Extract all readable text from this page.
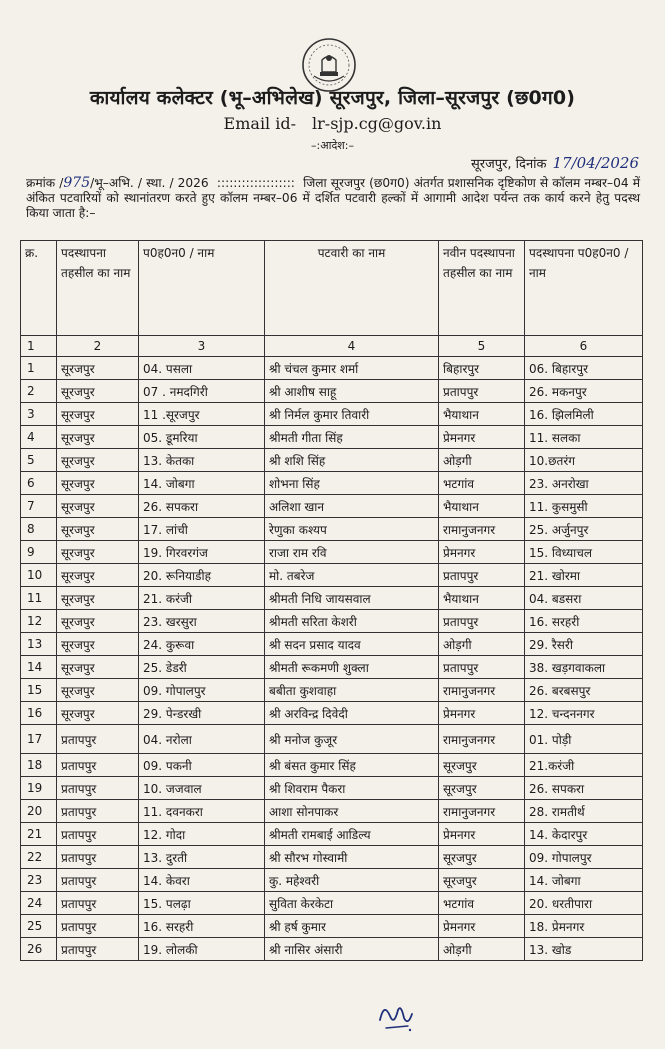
कार्यालय कलेक्टर (भू–अभिलेख) सूरजपुर, जिला–सूरजपुर (छ0ग0)
Email id- lr-sjp.cg@gov.in
–:आदेश:–
सूरजपुर, दिनांक 17/04/2026
क्रमांक /975/भू–अभि. / स्था. / 2026  :::::::::::::::::::  जिला सूरजपुर (छ0ग0) अंतर्गत प्रशासनिक दृष्टिकोण से कॉलम नम्बर–04 में अंकित पटवारियों को स्थानांतरण करते हुए कॉलम नम्बर–06 में दर्शित पटवारी हल्कों में आगामी आदेश पर्यन्त तक कार्य करने हेतु पदस्थ किया जाता है:–
क्र.	पदस्थापना तहसील का नाम	प0ह0न0 / नाम	पटवारी का नाम	नवीन पदस्थापना तहसील का नाम	पदस्थापना प0ह0न0 / नाम
1	2	3	4	5	6
1	सूरजपुर	04. पसला	श्री चंचल कुमार शर्मा	बिहारपुर	06. बिहारपुर
2	सूरजपुर	07 . नमदगिरी	श्री आशीष साहू	प्रतापपुर	26. मकनपुर
3	सूरजपुर	11 .सूरजपुर	श्री निर्मल कुमार तिवारी	भैयाथान	16. झिलमिली
4	सूरजपुर	05. डूमरिया	श्रीमती गीता सिंह	प्रेमनगर	11. सलका
5	सूरजपुर	13. केतका	श्री शशि सिंह	ओड़गी	10.छतरंग
6	सूरजपुर	14. जोबगा	शोभना सिंह	भटगांव	23. अनरोखा
7	सूरजपुर	26. सपकरा	अलिशा खान	भैयाथान	11. कुसमुसी
8	सूरजपुर	17. लांची	रेणुका कश्यप	रामानुजनगर	25. अर्जुनपुर
9	सूरजपुर	19. गिरवरगंज	राजा राम रवि	प्रेमनगर	15. विध्याचल
10	सूरजपुर	20. रूनियाडीह	मो. तबरेज	प्रतापपुर	21. खोरमा
11	सूरजपुर	21. करंजी	श्रीमती निधि जायसवाल	भैयाथान	04. बडसरा
12	सूरजपुर	23. खरसुरा	श्रीमती सरिता केशरी	प्रतापपुर	16. सरहरी
13	सूरजपुर	24. कुरूवा	श्री सदन प्रसाद यादव	ओड़गी	29. रैसरी
14	सूरजपुर	25. डेडरी	श्रीमती रूकमणी शुक्ला	प्रतापपुर	38. खड़गवाकला
15	सूरजपुर	09. गोपालपुर	बबीता कुशवाहा	रामानुजनगर	26. बरबसपुर
16	सूरजपुर	29. पेन्डरखी	श्री अरविन्द्र दिवेदी	प्रेमनगर	12. चन्दननगर
17	प्रतापपुर	04. नरोला	श्री मनोज कुजूर	रामानुजनगर	01. पोड़ी
18	प्रतापपुर	09. पकनी	श्री बंसत कुमार सिंह	सूरजपुर	21.करंजी
19	प्रतापपुर	10. जजवाल	श्री शिवराम पैकरा	सूरजपुर	26. सपकरा
20	प्रतापपुर	11. दवनकरा	आशा सोनपाकर	रामानुजनगर	28. रामतीर्थ
21	प्रतापपुर	12. गोदा	श्रीमती रामबाई आडिल्य	प्रेमनगर	14. केदारपुर
22	प्रतापपुर	13. दुरती	श्री सौरभ गोस्वामी	सूरजपुर	09. गोपालपुर
23	प्रतापपुर	14. केवरा	कु. महेश्वरी	सूरजपुर	14. जोबगा
24	प्रतापपुर	15. पलढ़ा	सुविता केरकेटा	भटगांव	20. धरतीपारा
25	प्रतापपुर	16. सरहरी	श्री हर्ष कुमार	प्रेमनगर	18. प्रेमनगर
26	प्रतापपुर	19. लोलकी	श्री नासिर अंसारी	ओड़गी	13. खोड
